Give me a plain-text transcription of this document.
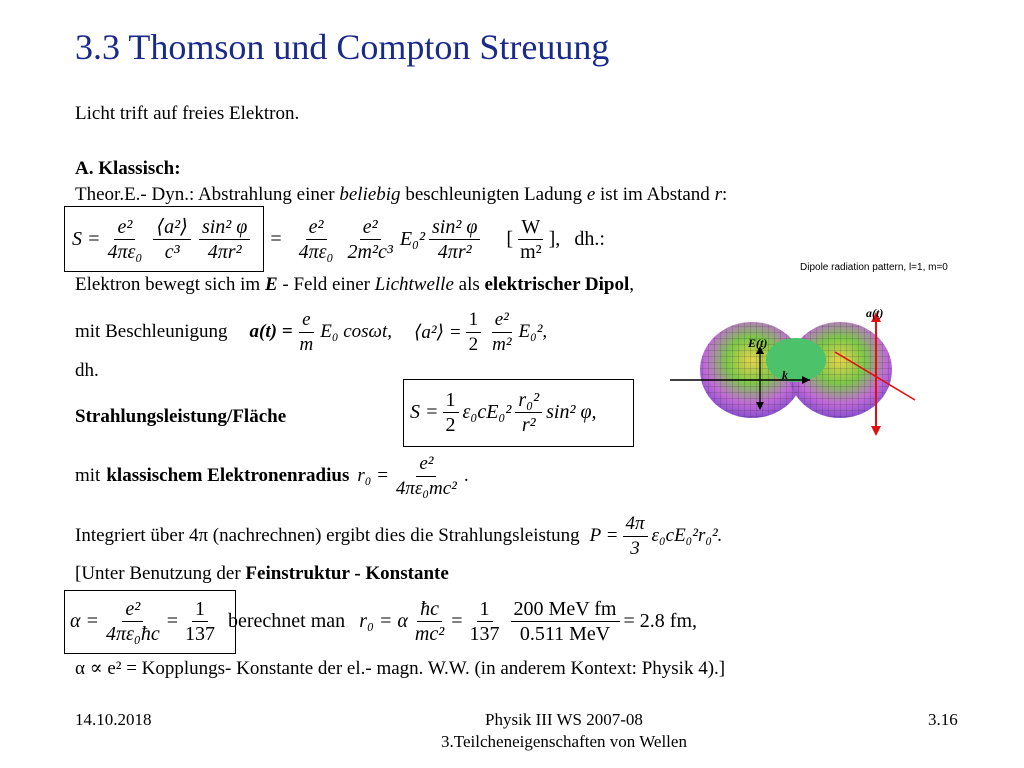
3.3 Thomson und Compton Streuung
Licht trift auf freies Elektron.
A. Klassisch:
Theor.E.- Dyn.: Abstrahlung einer beliebig beschleunigten Ladung e ist im Abstand r:
$S = \frac{\text{e²}}{\text{4πε₀}} \frac{\text{⟨a²⟩}}{\text{c³}} \frac{\text{sin² φ}}{\text{4πr²}} = \frac{\text{e²}}{\text{4πε₀}} \frac{\text{e²}}{\text{2m²c³}} E_0^2 \frac{\text{sin² φ}}{\text{4πr²}}$ [ $\frac{W}{\text{m²}}$ ], dh.:
Elektron bewegt sich im E - Feld einer Lichtwelle als elektrischer Dipol,
mit Beschleunigung $a(t) = \frac{e}{m} E_0$ cosωt, ⟨a²⟩ = $\frac{1}{2} \frac{\text{e²}}{\text{m²}} E_0^2$,
dh.
Strahlungsleistung/Fläche	$S = \frac{1}{2} \varepsilon_0cE_0^2 \frac{\text{r₀²}}{\text{r²}} \sin^2$ φ,
mit klassischem Elektronenradius $r_0 = \frac{\text{e²}}{\text{4πε₀mc²}}$ .
Integriert über 4π (nachrechnen) ergibt dies die Strahlungsleistung $P = \frac{4\pi}{3} \varepsilon_0cE_0^2r_0^2$.
[Unter Benutzung der Feinstruktur - Konstante
$\alpha = \frac{\text{e²}}{\text{4πε₀ħc}} = \frac{1}{137}$ berechnet man r₀ = α $\frac{ħc}{\text{mc²}} = \frac{1}{137} \frac{\text{200 MeV fm}}{\text{0.511 MeV}} = 2.8$ fm,
α ∝ e² = Kopplungs- Konstante der el.- magn. W.W. (in anderem Kontext: Physik 4).]
Dipole radiation pattern, l=1, m=0
a(t)
E(t)
k
14.10.2018	Physik III WS 2007-08
3.Teilcheneigenschaften von Wellen
3.16
